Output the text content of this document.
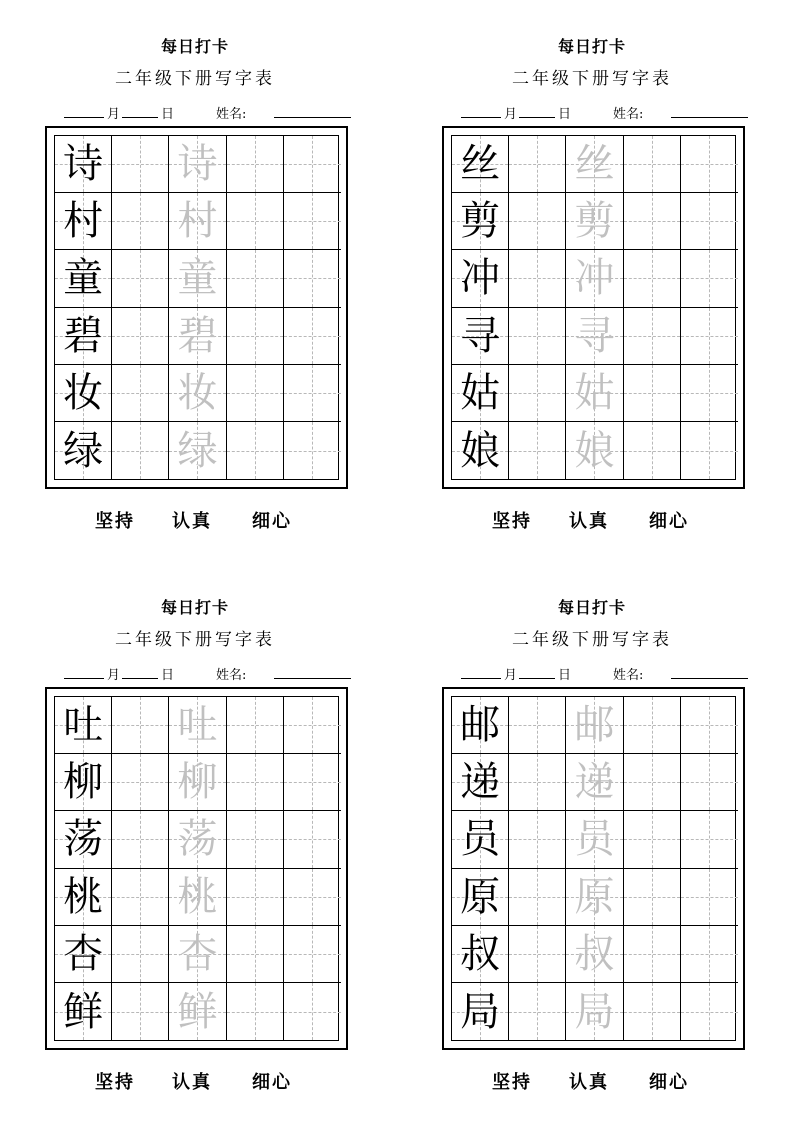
每日打卡
二年级下册写字表
月	日	姓名:
诗 诗
村 村
童 童
碧 碧
妆 妆
绿 绿
坚持 认真 细心
每日打卡
二年级下册写字表
月	日	姓名:
丝 丝
剪 剪
冲 冲
寻 寻
姑 姑
娘 娘
坚持 认真 细心
每日打卡
二年级下册写字表
月	日	姓名:
吐 吐
柳 柳
荡 荡
桃 桃
杏 杏
鲜 鲜
坚持 认真 细心
每日打卡
二年级下册写字表
月	日	姓名:
邮 邮
递 递
员 员
原 原
叔 叔
局 局
坚持 认真 细心
